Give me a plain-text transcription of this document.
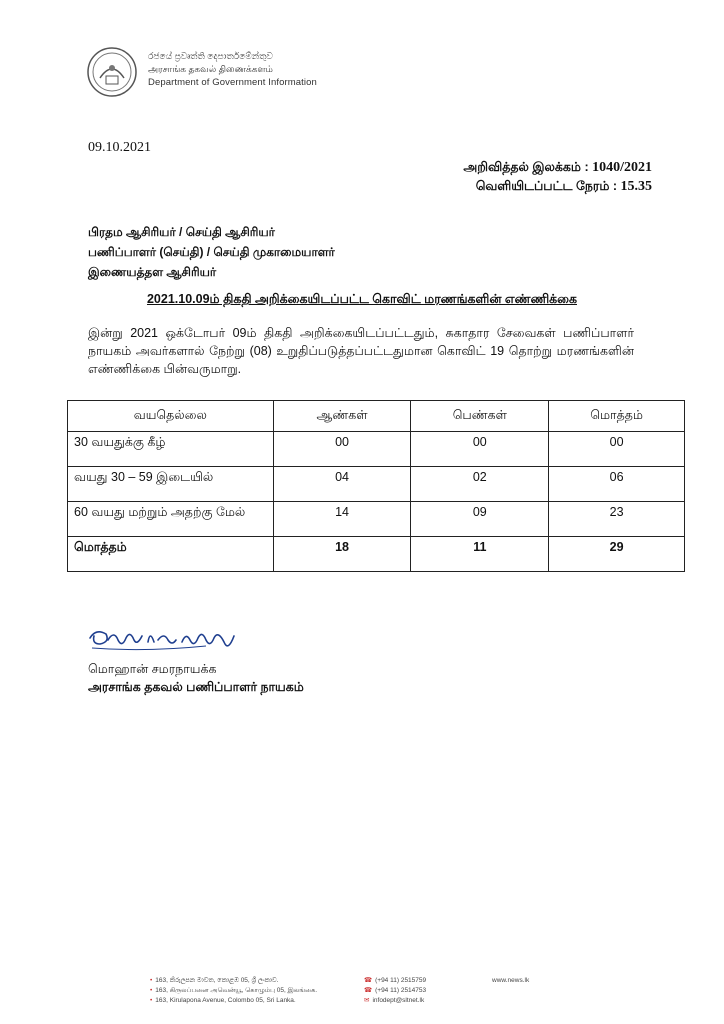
රජයේ ප්‍රවෘත්ති දෙපාර්තමේන්තුව
அரசாங்க தகவல் திணைக்களம்
Department of Government Information
09.10.2021
அறிவித்தல் இலக்கம் : 1040/2021
வெளியிடப்பட்ட நேரம் : 15.35
பிரதம ஆசிரியர் / செய்தி ஆசிரியர்
பணிப்பாளர் (செய்தி) / செய்தி முகாமையாளர்
இணையத்தள ஆசிரியர்
2021.10.09ம் திகதி அறிக்கையிடப்பட்ட கொவிட் மரணங்களின் எண்ணிக்கை
இன்று 2021 ஒக்டோபர் 09ம் திகதி அறிக்கையிடப்பட்டதும், சுகாதார சேவைகள் பணிப்பாளர் நாயகம் அவர்களால் நேற்று (08) உறுதிப்படுத்தப்பட்டதுமான கொவிட் 19 தொற்று மரணங்களின் எண்ணிக்கை பின்வருமாறு.
வயதெல்லை	ஆண்கள்	பெண்கள்	மொத்தம்
30 வயதுக்கு கீழ்	00	00	00
வயது 30 – 59 இடையில்	04	02	06
60 வயது மற்றும் அதற்கு மேல்	14	09	23
மொத்தம்	18	11	29
மொஹான் சமரநாயக்க
அரசாங்க தகவல் பணிப்பாளர் நாயகம்
• 163, කිරුලපන මාවත, කොළඹ 05, ශ්‍රී ලංකාව.
• 163, கிருலப்பனை அவென்யூ, கொழும்பு 05, இலங்கை.
• 163, Kirulapona Avenue, Colombo 05, Sri Lanka.
☎ (+94 11) 2515759
☎ (+94 11) 2514753
✉ infodept@sltnet.lk
www.news.lk
